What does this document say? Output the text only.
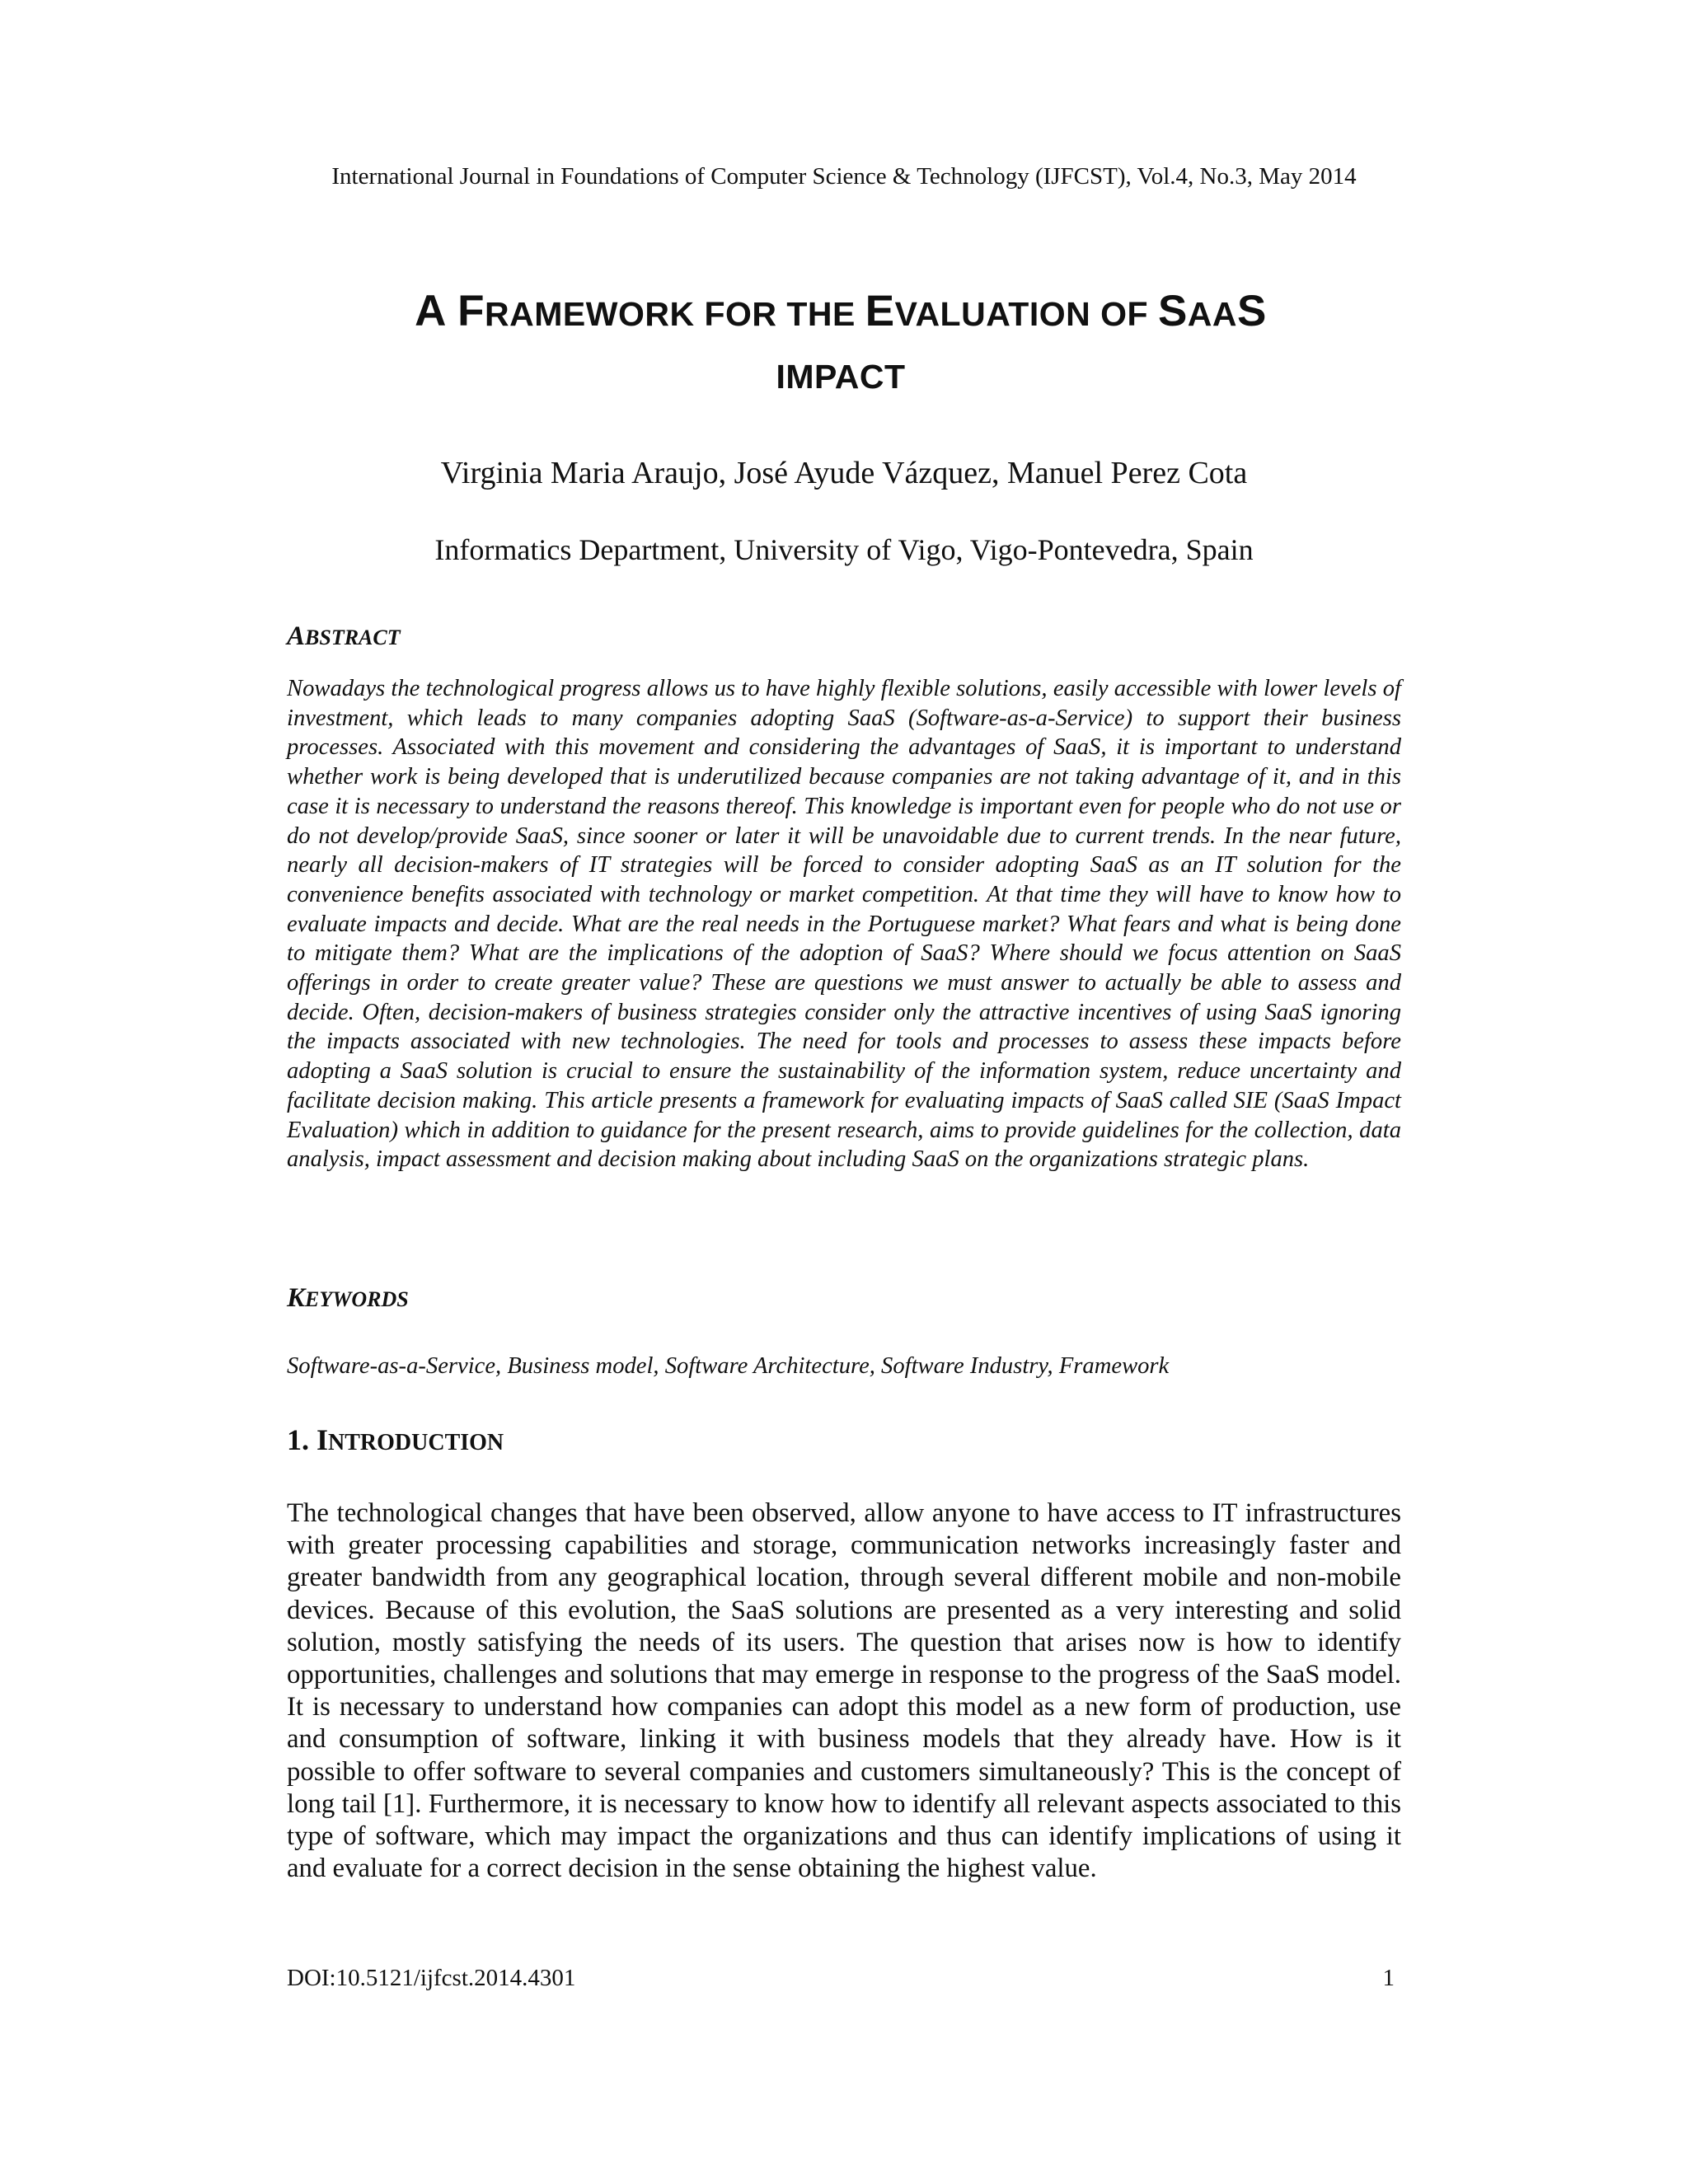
International Journal in Foundations of Computer Science & Technology (IJFCST), Vol.4, No.3, May 2014
A FRAMEWORK FOR THE EVALUATION OF SAAS
IMPACT
Virginia Maria Araujo, José Ayude Vázquez, Manuel Perez Cota
Informatics Department, University of Vigo, Vigo-Pontevedra, Spain
ABSTRACT
Nowadays the technological progress allows us to have highly flexible solutions, easily accessible with lower levels of investment, which leads to many companies adopting SaaS (Software-as-a-Service) to support their business processes. Associated with this movement and considering the advantages of SaaS, it is important to understand whether work is being developed that is underutilized because companies are not taking advantage of it, and in this case it is necessary to understand the reasons thereof. This knowledge is important even for people who do not use or do not develop/provide SaaS, since sooner or later it will be unavoidable due to current trends. In the near future, nearly all decision-makers of IT strategies will be forced to consider adopting SaaS as an IT solution for the convenience benefits associated with technology or market competition. At that time they will have to know how to evaluate impacts and decide. What are the real needs in the Portuguese market? What fears and what is being done to mitigate them? What are the implications of the adoption of SaaS? Where should we focus attention on SaaS offerings in order to create greater value? These are questions we must answer to actually be able to assess and decide. Often, decision-makers of business strategies consider only the attractive incentives of using SaaS ignoring the impacts associated with new technologies. The need for tools and processes to assess these impacts before adopting a SaaS solution is crucial to ensure the sustainability of the information system, reduce uncertainty and facilitate decision making. This article presents a framework for evaluating impacts of SaaS called SIE (SaaS Impact Evaluation) which in addition to guidance for the present research, aims to provide guidelines for the collection, data analysis, impact assessment and decision making about including SaaS on the organizations strategic plans.
KEYWORDS
Software-as-a-Service, Business model, Software Architecture, Software Industry, Framework
1. INTRODUCTION
The technological changes that have been observed, allow anyone to have access to IT infrastructures with greater processing capabilities and storage, communication networks increasingly faster and greater bandwidth from any geographical location, through several different mobile and non-mobile devices. Because of this evolution, the SaaS solutions are presented as a very interesting and solid solution, mostly satisfying the needs of its users. The question that arises now is how to identify opportunities, challenges and solutions that may emerge in response to the progress of the SaaS model. It is necessary to understand how companies can adopt this model as a new form of production, use and consumption of software, linking it with business models that they already have. How is it possible to offer software to several companies and customers simultaneously? This is the concept of long tail [1]. Furthermore, it is necessary to know how to identify all relevant aspects associated to this type of software, which may impact the organizations and thus can identify implications of using it and evaluate for a correct decision in the sense obtaining the highest value.
DOI:10.5121/ijfcst.2014.4301	1
